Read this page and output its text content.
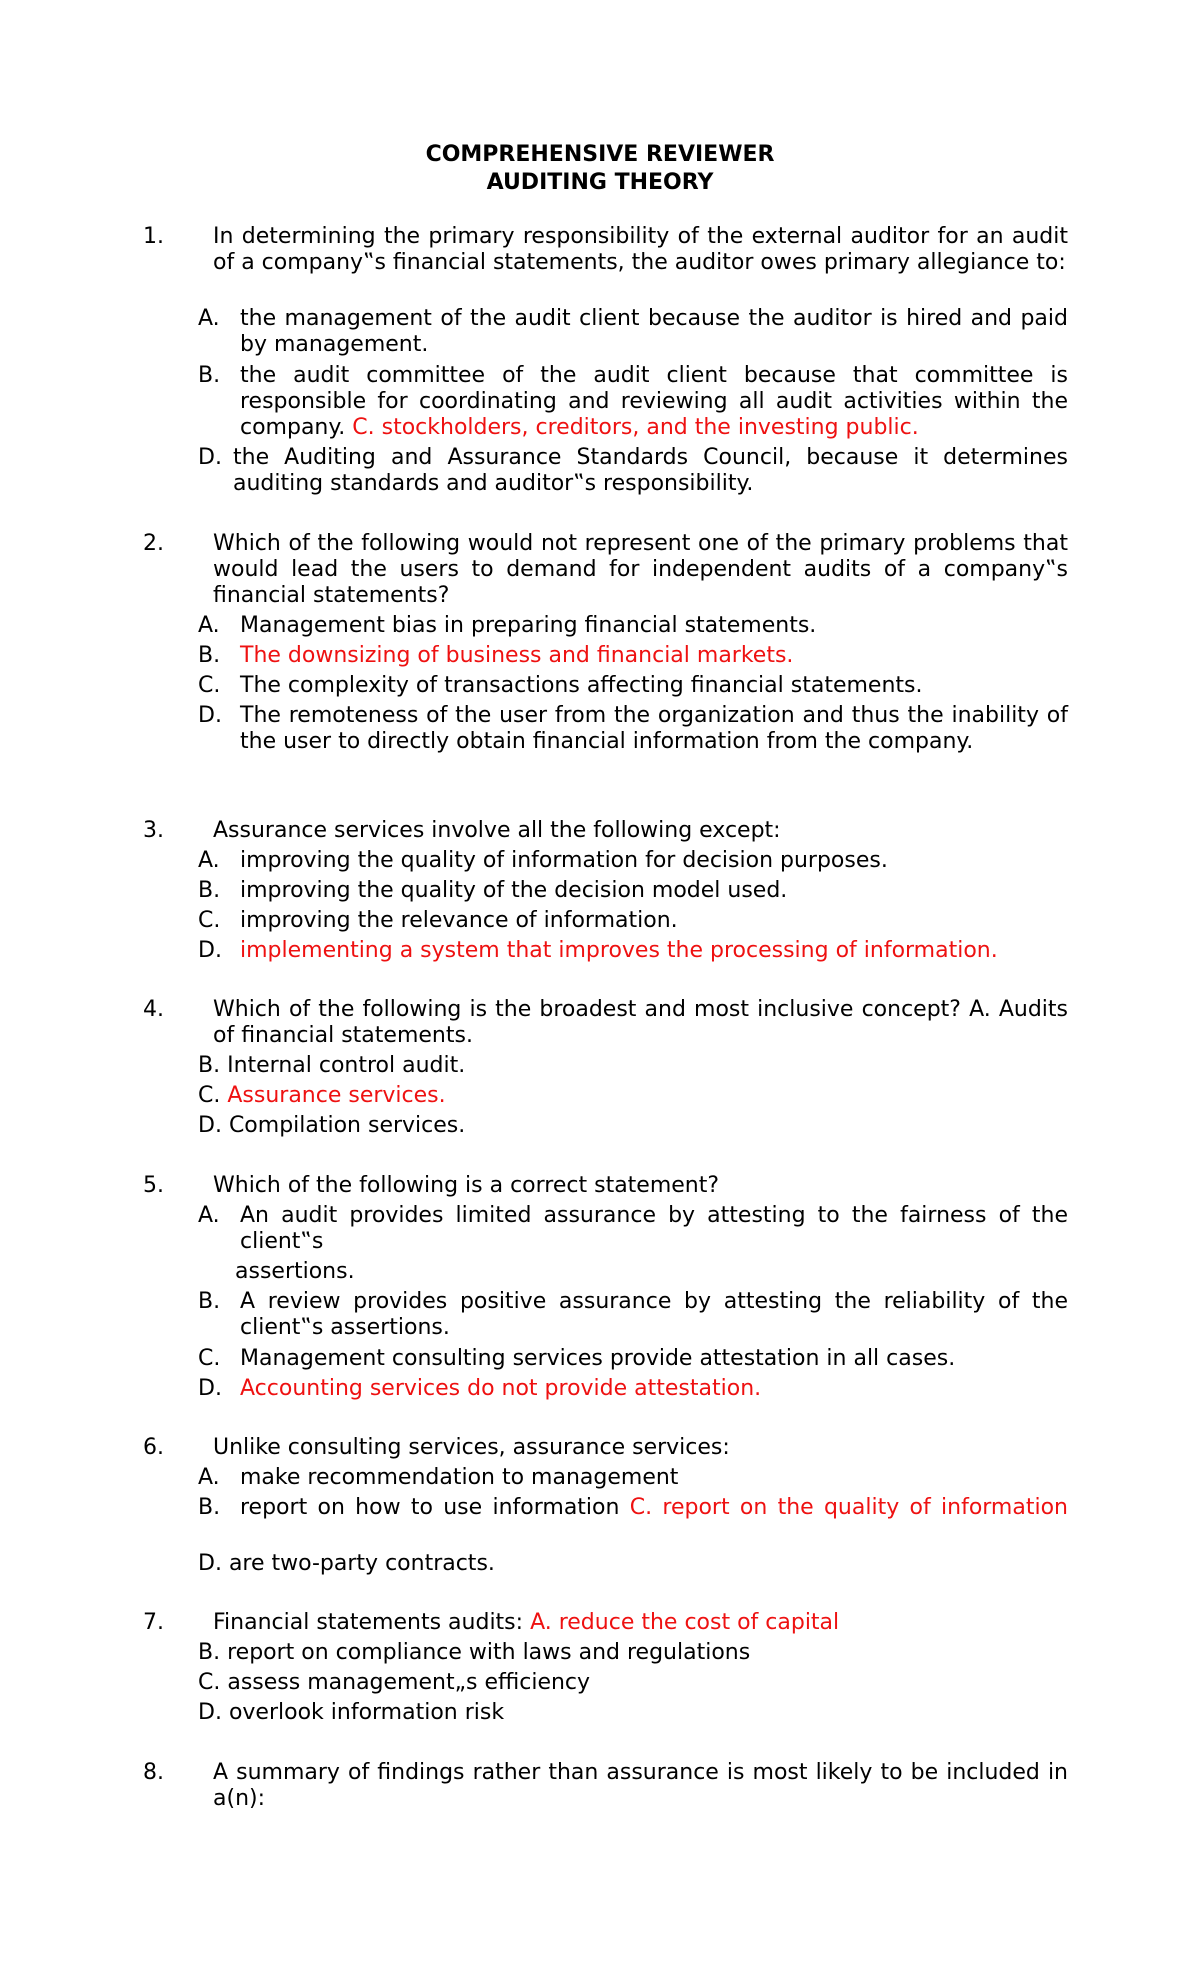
COMPREHENSIVE REVIEWER
AUDITING THEORY
1. In determining the primary responsibility of the external auditor for an audit of a company‟s financial statements, the auditor owes primary allegiance to:
A. the management of the audit client because the auditor is hired and paid by management.
B. the audit committee of the audit client because that committee is responsible for coordinating and reviewing all audit activities within the company. C. stockholders, creditors, and the investing public.
D. the Auditing and Assurance Standards Council, because it determines auditing standards and auditor‟s responsibility.
2. Which of the following would not represent one of the primary problems that would lead the users to demand for independent audits of a company‟s financial statements?
A. Management bias in preparing financial statements.
B. The downsizing of business and financial markets.
C. The complexity of transactions affecting financial statements.
D. The remoteness of the user from the organization and thus the inability of the user to directly obtain financial information from the company.
3. Assurance services involve all the following except:
A. improving the quality of information for decision purposes.
B. improving the quality of the decision model used.
C. improving the relevance of information.
D. implementing a system that improves the processing of information.
4. Which of the following is the broadest and most inclusive concept? A. Audits of financial statements.
B. Internal control audit.
C. Assurance services.
D. Compilation services.
5. Which of the following is a correct statement?
A. An audit provides limited assurance by attesting to the fairness of the client‟s
assertions.
B. A review provides positive assurance by attesting the reliability of the client‟s assertions.
C. Management consulting services provide attestation in all cases.
D. Accounting services do not provide attestation.
6. Unlike consulting services, assurance services:
A. make recommendation to management
B. report on how to use information C. report on the quality of information
D. are two-party contracts.
7. Financial statements audits: A. reduce the cost of capital
B. report on compliance with laws and regulations
C. assess management„s efficiency
D. overlook information risk
8. A summary of findings rather than assurance is most likely to be included in a(n):
